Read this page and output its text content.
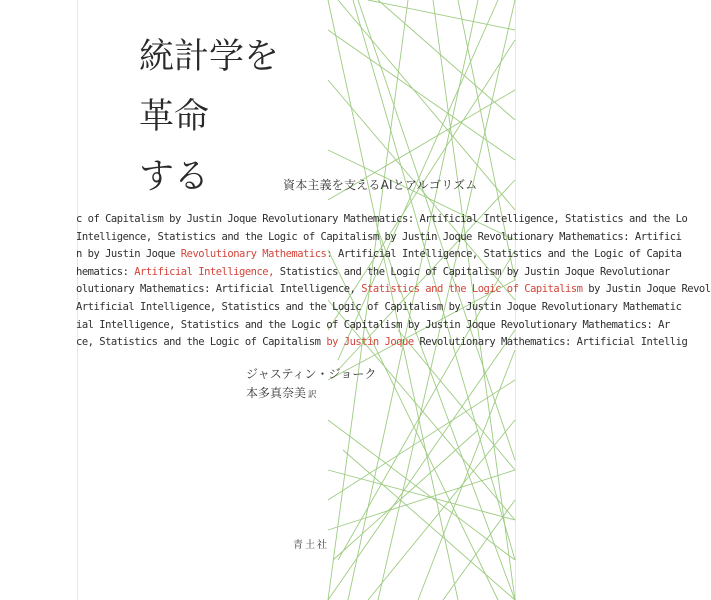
統計学を
革命
する	資本主義を支えるAIとアルゴリズム
c of Capitalism by Justin Joque Revolutionary Mathematics: Artificial Intelligence, Statistics and the Lo
Intelligence, Statistics and the Logic of Capitalism by Justin Joque Revolutionary Mathematics: Artifici
n by Justin Joque Revolutionary Mathematics: Artificial Intelligence, Statistics and the Logic of Capita
hematics: Artificial Intelligence, Statistics and the Logic of Capitalism by Justin Joque Revolutionar
olutionary Mathematics: Artificial Intelligence, Statistics and the Logic of Capitalism by Justin Joque Revol
Artificial Intelligence, Statistics and the Logic of Capitalism by Justin Joque Revolutionary Mathematic
ial Intelligence, Statistics and the Logic of Capitalism by Justin Joque Revolutionary Mathematics: Ar
ce, Statistics and the Logic of Capitalism by Justin Joque Revolutionary Mathematics: Artificial Intellig
ジャスティン・ジョーク
本多真奈美 訳
青土社
